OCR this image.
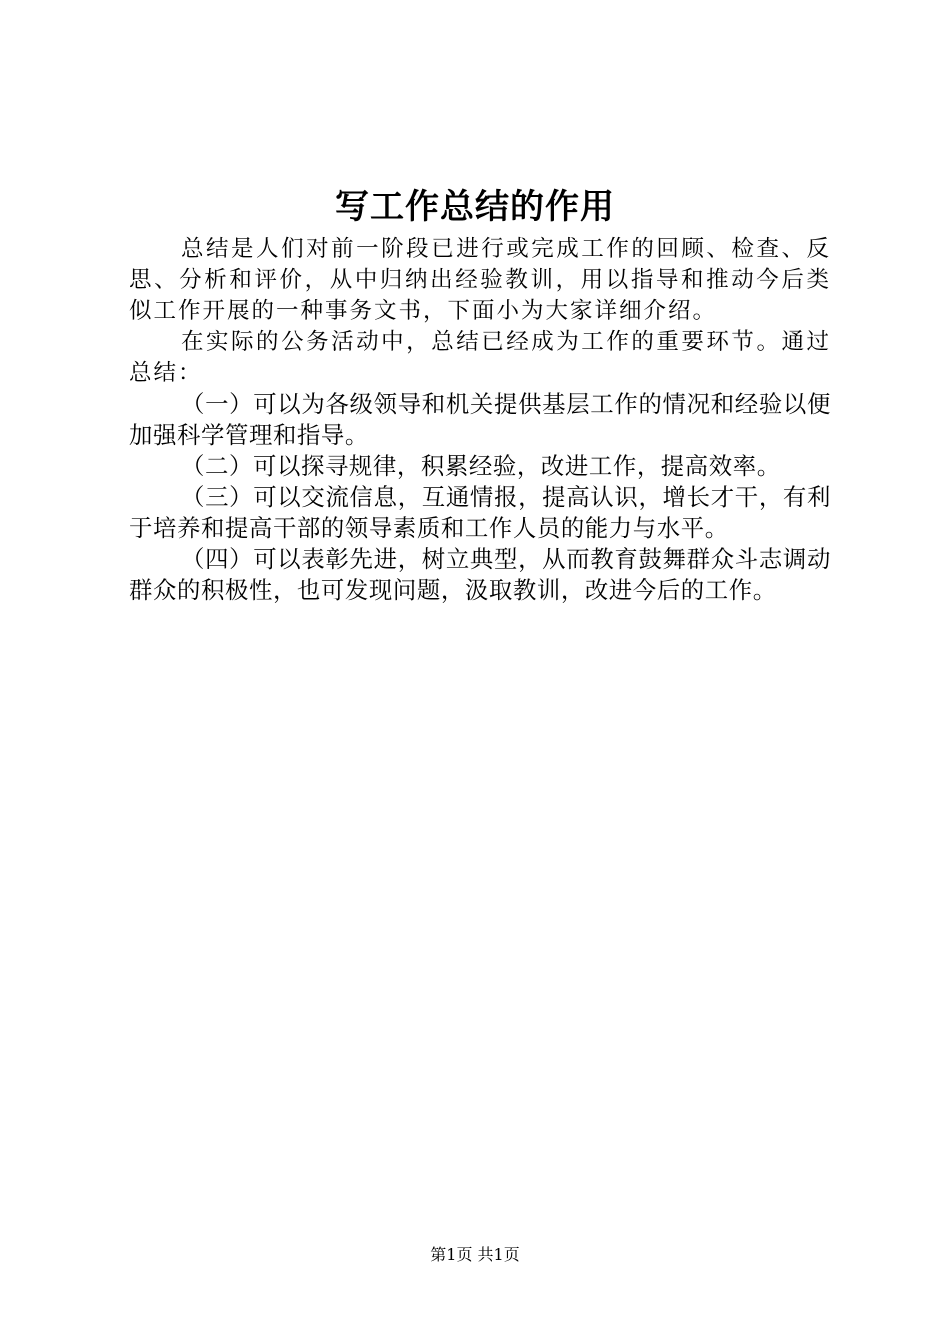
写工作总结的作用

总结是人们对前一阶段已进行或完成工作的回顾、检查、反思、分析和评价，从中归纳出经验教训，用以指导和推动今后类似工作开展的一种事务文书，下面小为大家详细介绍。

在实际的公务活动中，总结已经成为工作的重要环节。通过总结：

（一）可以为各级领导和机关提供基层工作的情况和经验以便加强科学管理和指导。

（二）可以探寻规律，积累经验，改进工作，提高效率。

（三）可以交流信息，互通情报，提高认识，增长才干，有利于培养和提高干部的领导素质和工作人员的能力与水平。

（四）可以表彰先进，树立典型，从而教育鼓舞群众斗志调动群众的积极性，也可发现问题，汲取教训，改进今后的工作。

第1页 共1页
